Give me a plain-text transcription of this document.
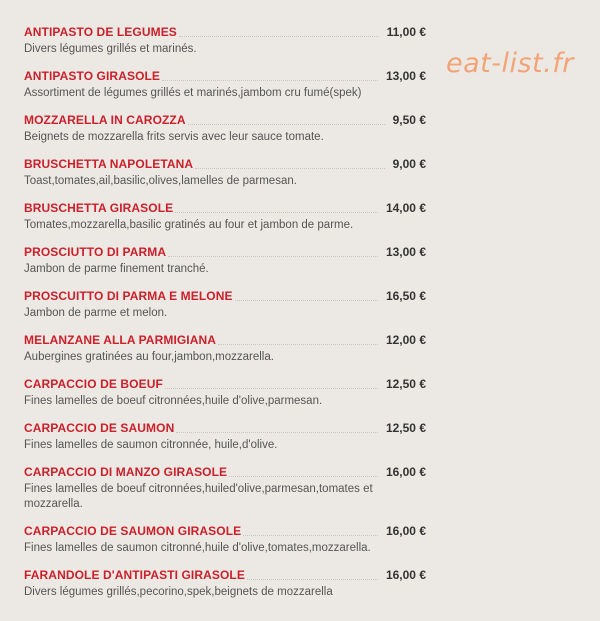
ANTIPASTO DE LEGUMES	11,00 €
Divers légumes grillés et marinés.
ANTIPASTO GIRASOLE	13,00 €
Assortiment de légumes grillés et marinés,jambom cru fumé(spek)
MOZZARELLA IN CAROZZA	9,50 €
Beignets de mozzarella frits servis avec leur sauce tomate.
BRUSCHETTA NAPOLETANA	9,00 €
Toast,tomates,ail,basilic,olives,lamelles de parmesan.
BRUSCHETTA GIRASOLE	14,00 €
Tomates,mozzarella,basilic gratinés au four et jambon de parme.
PROSCIUTTO DI PARMA	13,00 €
Jambon de parme finement tranché.
PROSCUITTO DI PARMA E MELONE	16,50 €
Jambon de parme et melon.
MELANZANE ALLA PARMIGIANA	12,00 €
Aubergines gratinées au four,jambon,mozzarella.
CARPACCIO DE BOEUF	12,50 €
Fines lamelles de boeuf citronnées,huile d'olive,parmesan.
CARPACCIO DE SAUMON	12,50 €
Fines lamelles de saumon citronnée, huile,d'olive.
CARPACCIO DI MANZO GIRASOLE	16,00 €
Fines lamelles de boeuf citronnées,huiled'olive,parmesan,tomates et mozzarella.
CARPACCIO DE SAUMON GIRASOLE	16,00 €
Fines lamelles de saumon citronné,huile d'olive,tomates,mozzarella.
FARANDOLE D'ANTIPASTI GIRASOLE	16,00 €
Divers légumes grillés,pecorino,spek,beignets de mozzarella
eat-list.fr
